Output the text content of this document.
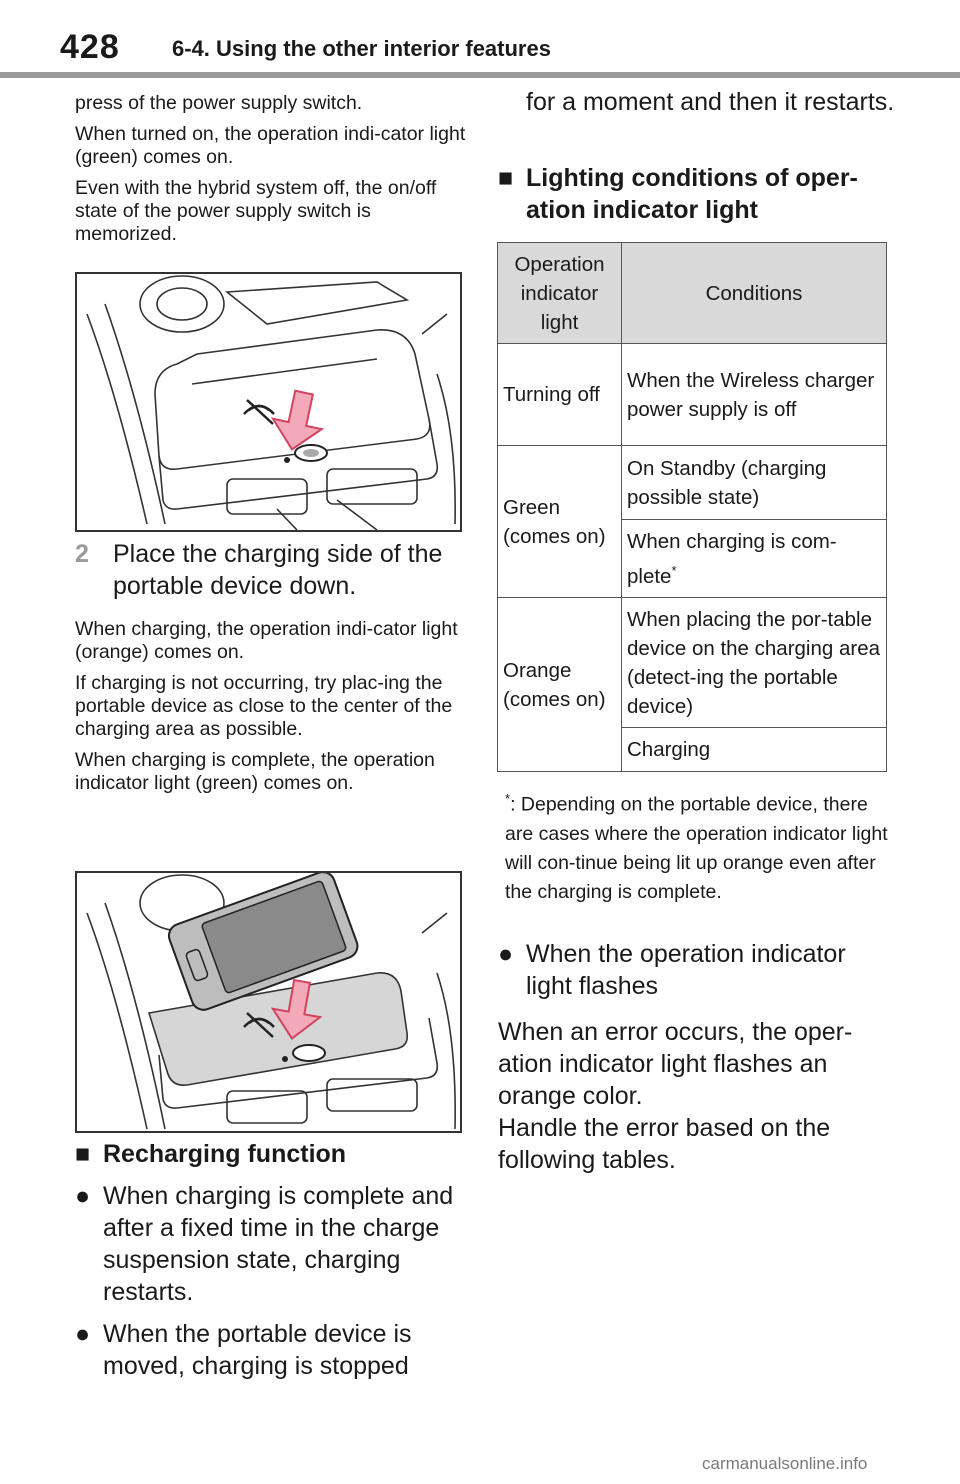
428 6-4. Using the other interior features

press of the power supply switch.

When turned on, the operation indi-cator light (green) comes on.

Even with the hybrid system off, the on/off state of the power supply switch is memorized.

2 Place the charging side of the portable device down.

When charging, the operation indi-cator light (orange) comes on.

If charging is not occurring, try plac-ing the portable device as close to the center of the charging area as possible.

When charging is complete, the operation indicator light (green) comes on.

■ Recharging function

● When charging is complete and after a fixed time in the charge suspension state, charging restarts.

● When the portable device is moved, charging is stopped

for a moment and then it restarts.

■ Lighting conditions of oper-ation indicator light

Operation indicator light	Conditions
Turning off	When the Wireless charger power supply is off
Green (comes on)	On Standby (charging possible state)
	When charging is com-plete*
Orange (comes on)	When placing the por-table device on the charging area (detect-ing the portable device)
	Charging
*: Depending on the portable device, there are cases where the operation indicator light will con-tinue being lit up orange even after the charging is complete.

● When the operation indicator light flashes

When an error occurs, the oper-ation indicator light flashes an orange color.

Handle the error based on the following tables.

carmanualsonline.info
